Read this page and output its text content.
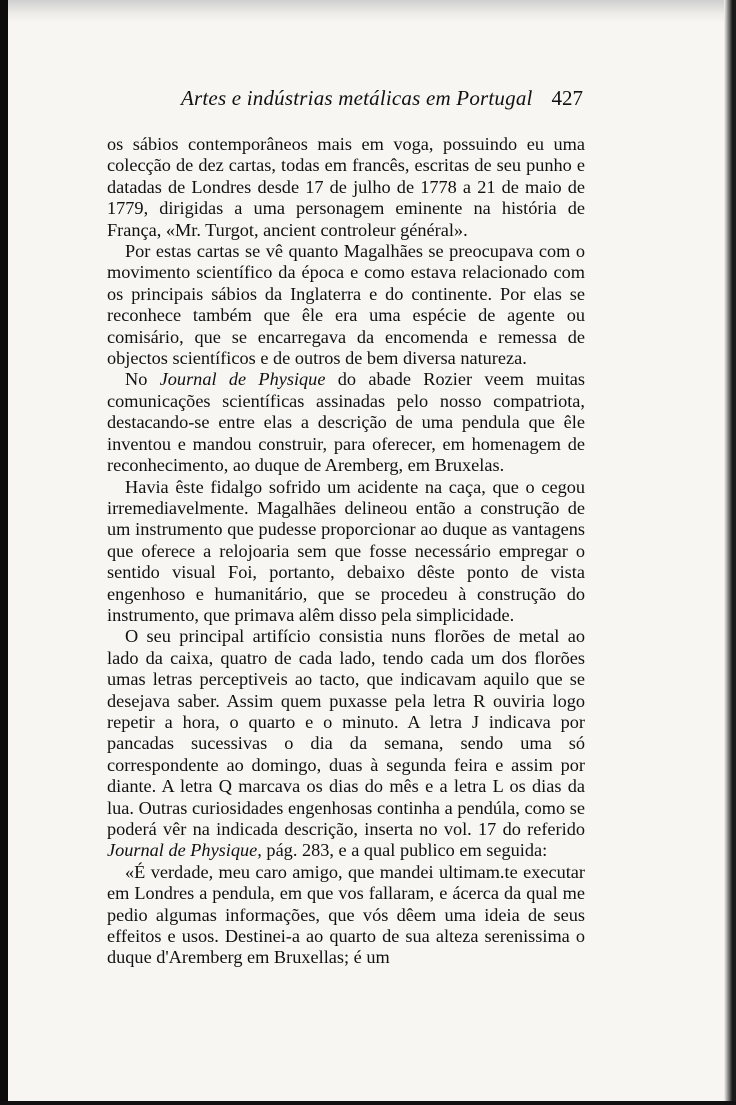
Artes e indústrias metálicas em Portugal 427

os sábios contemporâneos mais em voga, possuindo eu uma colecção de dez cartas, todas em francês, escritas de seu punho e datadas de Londres desde 17 de julho de 1778 a 21 de maio de 1779, dirigidas a uma personagem eminente na história de França, «Mr. Turgot, ancient controleur général».

Por estas cartas se vê quanto Magalhães se preocupava com o movimento scientífico da época e como estava relacionado com os principais sábios da Inglaterra e do continente. Por elas se reconhece também que êle era uma espécie de agente ou comisário, que se encarregava da encomenda e remessa de objectos scientíficos e de outros de bem diversa natureza.

No Journal de Physique do abade Rozier veem muitas comunicações scientíficas assinadas pelo nosso compatriota, destacando-se entre elas a descrição de uma pendula que êle inventou e mandou construir, para oferecer, em homenagem de reconhecimento, ao duque de Aremberg, em Bruxelas.

Havia êste fidalgo sofrido um acidente na caça, que o cegou irremediavelmente. Magalhães delineou então a construção de um instrumento que pudesse proporcionar ao duque as vantagens que oferece a relojoaria sem que fosse necessário empregar o sentido visual Foi, portanto, debaixo dêste ponto de vista engenhoso e humanitário, que se procedeu à construção do instrumento, que primava alêm disso pela simplicidade.

O seu principal artifício consistia nuns florões de metal ao lado da caixa, quatro de cada lado, tendo cada um dos florões umas letras perceptiveis ao tacto, que indicavam aquilo que se desejava saber. Assim quem puxasse pela letra R ouviria logo repetir a hora, o quarto e o minuto. A letra J indicava por pancadas sucessivas o dia da semana, sendo uma só correspondente ao domingo, duas à segunda feira e assim por diante. A letra Q marcava os dias do mês e a letra L os dias da lua. Outras curiosidades engenhosas continha a pendúla, como se poderá vêr na indicada descrição, inserta no vol. 17 do referido Journal de Physique, pág. 283, e a qual publico em seguida:

«É verdade, meu caro amigo, que mandei ultimam.te executar em Londres a pendula, em que vos fallaram, e ácerca da qual me pedio algumas informações, que vós dêem uma ideia de seus effeitos e usos. Destinei-a ao quarto de sua alteza serenissima o duque d'Aremberg em Bruxellas; é um
